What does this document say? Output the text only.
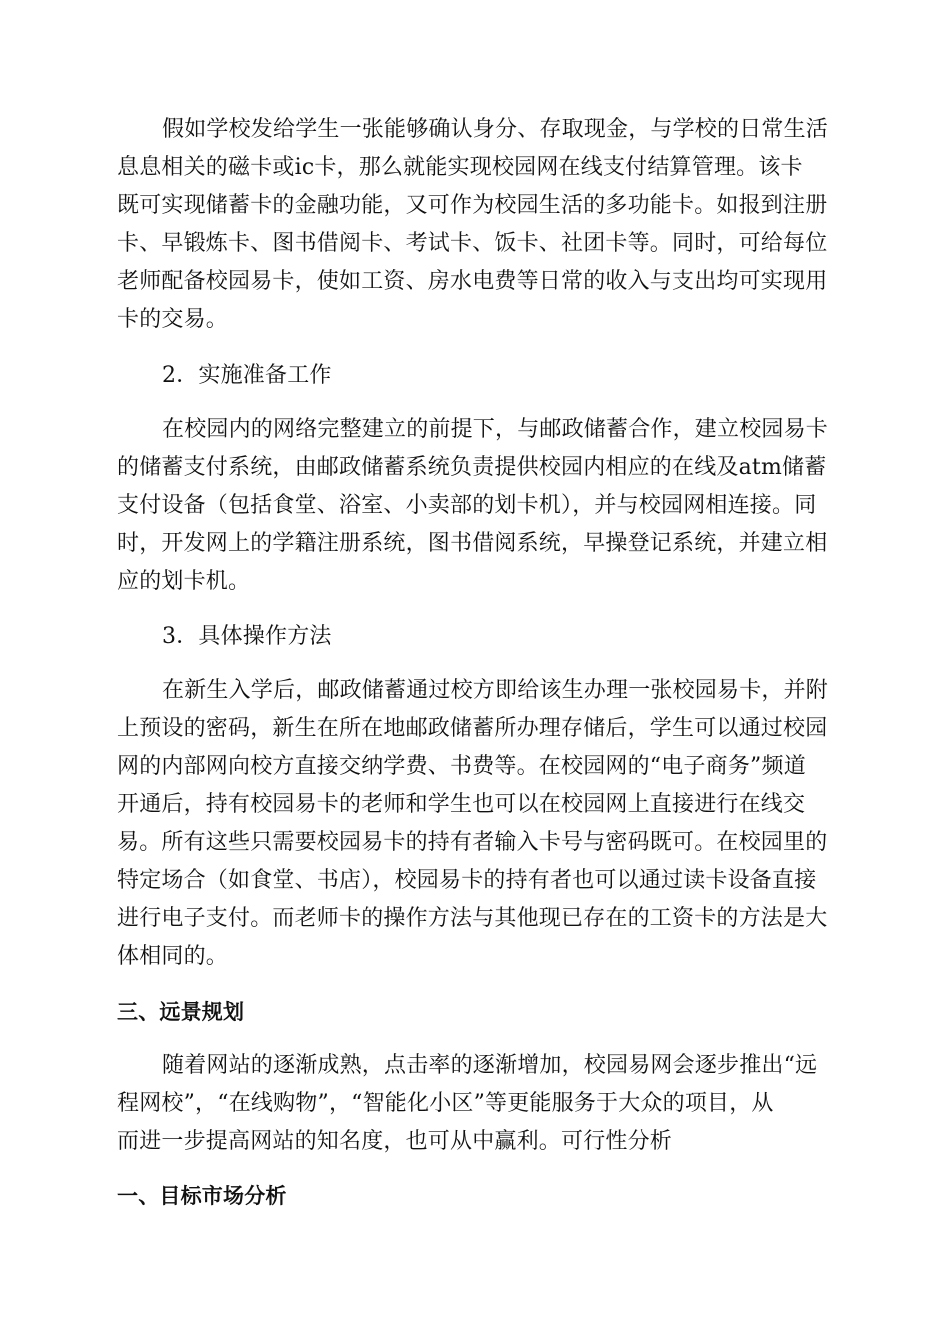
假如学校发给学生一张能够确认身分、存取现金，与学校的日常生活
息息相关的磁卡或ic卡，那么就能实现校园网在线支付结算管理。该卡
既可实现储蓄卡的金融功能，又可作为校园生活的多功能卡。如报到注册
卡、早锻炼卡、图书借阅卡、考试卡、饭卡、社团卡等。同时，可给每位
老师配备校园易卡，使如工资、房水电费等日常的收入与支出均可实现用
卡的交易。
2．实施准备工作
在校园内的网络完整建立的前提下，与邮政储蓄合作，建立校园易卡
的储蓄支付系统，由邮政储蓄系统负责提供校园内相应的在线及atm储蓄
支付设备（包括食堂、浴室、小卖部的划卡机），并与校园网相连接。同
时，开发网上的学籍注册系统，图书借阅系统，早操登记系统，并建立相
应的划卡机。
3．具体操作方法
在新生入学后，邮政储蓄通过校方即给该生办理一张校园易卡，并附
上预设的密码，新生在所在地邮政储蓄所办理存储后，学生可以通过校园
网的内部网向校方直接交纳学费、书费等。在校园网的“电子商务”频道
开通后，持有校园易卡的老师和学生也可以在校园网上直接进行在线交
易。所有这些只需要校园易卡的持有者输入卡号与密码既可。在校园里的
特定场合（如食堂、书店），校园易卡的持有者也可以通过读卡设备直接
进行电子支付。而老师卡的操作方法与其他现已存在的工资卡的方法是大
体相同的。
三、远景规划
随着网站的逐渐成熟，点击率的逐渐增加，校园易网会逐步推出“远
程网校”，“在线购物”，“智能化小区”等更能服务于大众的项目，从
而进一步提高网站的知名度，也可从中赢利。可行性分析
一、目标市场分析
